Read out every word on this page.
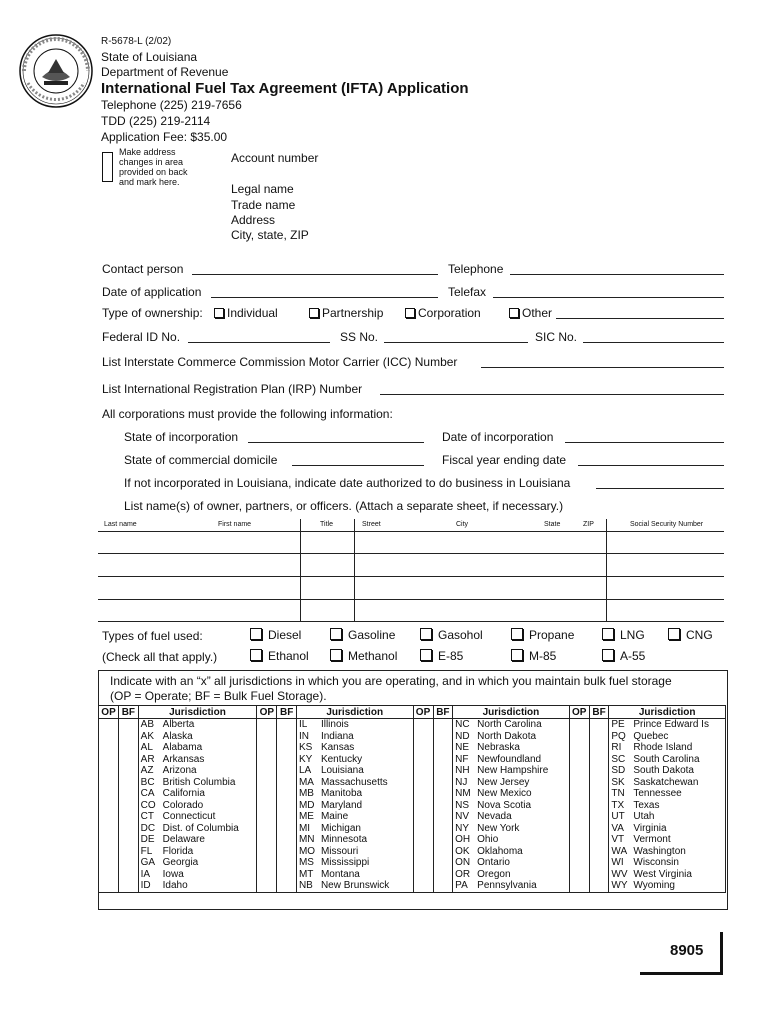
R-5678-L (2/02)
State of Louisiana
Department of Revenue
International Fuel Tax Agreement (IFTA) Application
Telephone (225) 219-7656
TDD (225) 219-2114
Application Fee: $35.00
Make address
changes in area
provided on back
and mark here.
Account number
Legal name
Trade name
Address
City, state, ZIP
Contact person	Telephone
Date of application	Telefax
Type of ownership:	Individual	Partnership	Corporation	Other
Federal ID No.	SS No.	SIC No.
List Interstate Commerce Commission Motor Carrier (ICC) Number
List International Registration Plan (IRP) Number
All corporations must provide the following information:
State of incorporation	Date of incorporation
State of commercial domicile	Fiscal year ending date
If not incorporated in Louisiana, indicate date authorized to do business in Louisiana
List name(s) of owner, partners, or officers. (Attach a separate sheet, if necessary.)
Last name	First name	Title	Street	City	State	ZIP	Social Security Number
Types of fuel used:
(Check all that apply.)
Diesel	Gasoline	Gasohol	Propane	LNG	CNG
Ethanol	Methanol	E-85	M-85	A-55
Indicate with an “x” all jurisdictions in which you are operating, and in which you maintain bulk fuel storage
(OP = Operate; BF = Bulk Fuel Storage).
OP	BF	Jurisdiction	OP	BF	Jurisdiction	OP	BF	Jurisdiction	OP	BF	Jurisdiction
		AB Alberta			IL Illinois			NC North Carolina			PE Prince Edward Is
		AK Alaska			IN Indiana			ND North Dakota			PQ Quebec
		AL Alabama			KS Kansas			NE Nebraska			RI Rhode Island
		AR Arkansas			KY Kentucky			NF Newfoundland			SC South Carolina
		AZ Arizona			LA Louisiana			NH New Hampshire			SD South Dakota
		BC British Columbia			MA Massachusetts			NJ New Jersey			SK Saskatchewan
		CA California			MB Manitoba			NM New Mexico			TN Tennessee
		CO Colorado			MD Maryland			NS Nova Scotia			TX Texas
		CT Connecticut			ME Maine			NV Nevada			UT Utah
		DC Dist. of Columbia			MI Michigan			NY New York			VA Virginia
		DE Delaware			MN Minnesota			OH Ohio			VT Vermont
		FL Florida			MO Missouri			OK Oklahoma			WA Washington
		GA Georgia			MS Mississippi			ON Ontario			WI Wisconsin
		IA Iowa			MT Montana			OR Oregon			WV West Virginia
		ID Idaho			NB New Brunswick			PA Pennsylvania			WY Wyoming
8905
